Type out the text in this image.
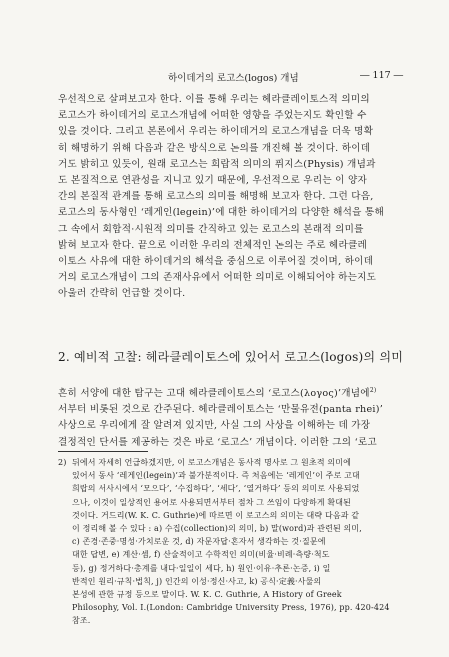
하이데거의 로고스(logos) 개념	― 117 ―
우선적으로 살펴보고자 한다. 이를 통해 우리는 헤라클레이토스적 의미의
로고스가 하이데거의 로고스개념에 어떠한 영향을 주었는지도 확인할 수
있을 것이다. 그리고 본론에서 우리는 하이데거의 로고스개념을 더욱 명확
히 해명하기 위해 다음과 같은 방식으로 논의를 개진해 볼 것이다. 하이데
거도 밝히고 있듯이, 원래 로고스는 희랍적 의미의 퓌지스(Physis) 개념과
도 본질적으로 연관성을 지니고 있기 때문에, 우선적으로 우리는 이 양자
간의 본질적 관계를 통해 로고스의 의미를 해명해 보고자 한다. 그런 다음,
로고스의 동사형인 ‘레게인(legein)’에 대한 하이데거의 다양한 해석을 통해
그 속에서 회합적·시원적 의미를 간직하고 있는 로고스의 본래적 의미를
밝혀 보고자 한다. 끝으로 이러한 우리의 전체적인 논의는 주로 헤라클레
이토스 사유에 대한 하이데거의 해석을 중심으로 이루어질 것이며, 하이데
거의 로고스개념이 그의 존재사유에서 어떠한 의미로 이해되어야 하는지도
아울러 간략히 언급할 것이다.
2. 예비적 고찰: 헤라클레이토스에 있어서 로고스(logos)의 의미
흔히 서양에 대한 탐구는 고대 헤라클레이토스의 ‘로고스(λογος)’개념에$^{2)}$
서부터 비롯된 것으로 간주된다. 헤라클레이토스는 ‘만물유전(panta rhei)’
사상으로 우리에게 잘 알려져 있지만, 사실 그의 사상을 이해하는 데 가장
결정적인 단서를 제공하는 것은 바로 ‘로고스’ 개념이다. 이러한 그의 ‘로고
2) 뒤에서 자세히 언급하겠지만, 이 로고스개념은 동사적 명사로 그 원초적 의미에
있어서 동사 ‘레게인(legein)’과 불가분적이다. 즉 처음에는 ‘레게인’이 주로 고대
희랍의 서사시에서 ‘모으다’, ‘수집하다’, ‘세다’, ‘열거하다’ 등의 의미로 사용되었
으나, 이것이 일상적인 용어로 사용되면서부터 점차 그 쓰임이 다양하게 확대된
것이다. 거드리(W. K. C. Guthrie)에 따르면 이 로고스의 의미는 대략 다음과 같
이 정리해 볼 수 있다 : a) 수집(collection)의 의미, b) 말(word)과 관련된 의미,
c) 존경·존중·명성·가치로운 것, d) 자문자답·혼자서 생각하는 것·질문에
대한 답변, e) 계산·셈, f) 산술적이고 수학적인 의미(비율·비례·측량·척도
등), g) 정거하다·총계를 내다·일일이 세다, h) 원인·이유·추론·논증, i) 일
반적인 원리·규칙·법칙, j) 인간의 이성·정신·사고, k) 공식·定義·사물의
본성에 관한 규정 등으로 말이다. W. K. C. Guthrie, A History of Greek
Philosophy, Vol. I.(London: Cambridge University Press, 1976), pp. 420-424
참조.
